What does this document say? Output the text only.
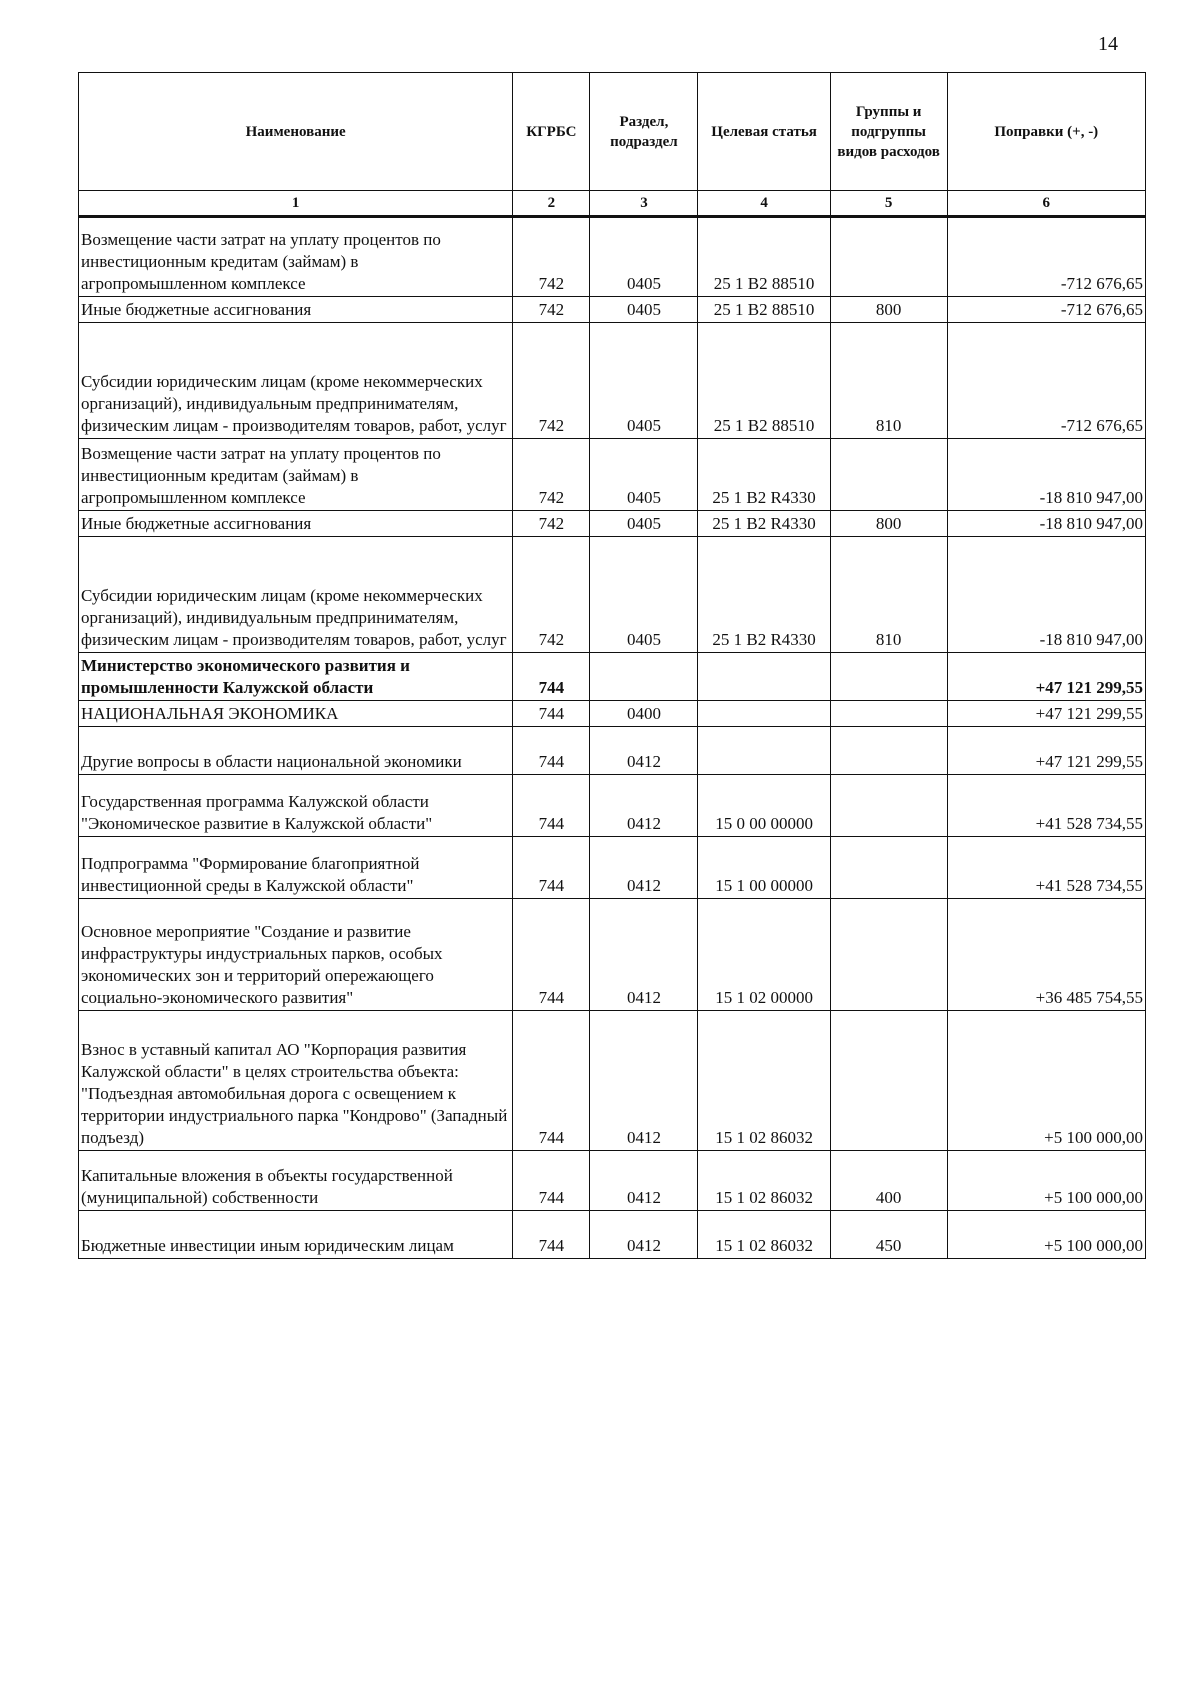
14
Наименование	КГРБС	Раздел, подраздел	Целевая статья	Группы и подгруппы видов расходов	Поправки (+, -)
1	2	3	4	5	6
Возмещение части затрат на уплату процентов по инвестиционным кредитам (займам) в агропромышленном комплексе	742	0405	25 1 B2 88510		-712 676,65
Иные бюджетные ассигнования	742	0405	25 1 B2 88510	800	-712 676,65
Субсидии юридическим лицам (кроме некоммерческих организаций), индивидуальным предпринимателям, физическим лицам - производителям товаров, работ, услуг	742	0405	25 1 B2 88510	810	-712 676,65
Возмещение части затрат на уплату процентов по инвестиционным кредитам (займам) в агропромышленном комплексе	742	0405	25 1 B2 R4330		-18 810 947,00
Иные бюджетные ассигнования	742	0405	25 1 B2 R4330	800	-18 810 947,00
Субсидии юридическим лицам (кроме некоммерческих организаций), индивидуальным предпринимателям, физическим лицам - производителям товаров, работ, услуг	742	0405	25 1 B2 R4330	810	-18 810 947,00
Министерство экономического развития и промышленности Калужской области	744				+47 121 299,55
НАЦИОНАЛЬНАЯ ЭКОНОМИКА	744	0400			+47 121 299,55
Другие вопросы в области национальной экономики	744	0412			+47 121 299,55
Государственная программа Калужской области "Экономическое развитие в Калужской области"	744	0412	15 0 00 00000		+41 528 734,55
Подпрограмма "Формирование благоприятной инвестиционной среды в Калужской области"	744	0412	15 1 00 00000		+41 528 734,55
Основное мероприятие "Создание и развитие инфраструктуры индустриальных парков, особых экономических зон и территорий опережающего социально-экономического развития"	744	0412	15 1 02 00000		+36 485 754,55
Взнос в уставный капитал АО "Корпорация развития Калужской области" в целях строительства объекта: "Подъездная автомобильная дорога с освещением к территории индустриального парка "Кондрово" (Западный подъезд)	744	0412	15 1 02 86032		+5 100 000,00
Капитальные вложения в объекты государственной (муниципальной) собственности	744	0412	15 1 02 86032	400	+5 100 000,00
Бюджетные инвестиции иным юридическим лицам	744	0412	15 1 02 86032	450	+5 100 000,00
